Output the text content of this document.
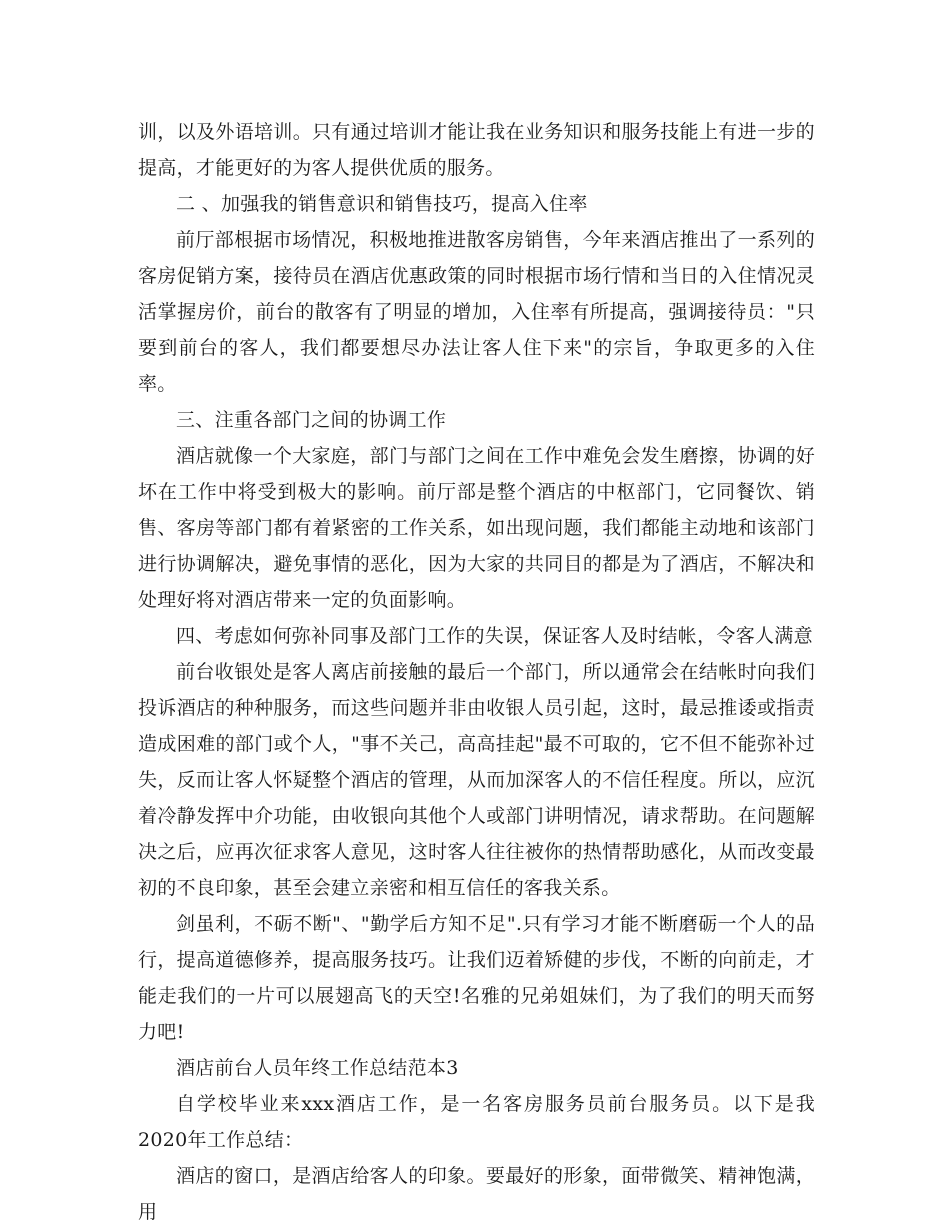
训，以及外语培训。只有通过培训才能让我在业务知识和服务技能上有进一步的提高，才能更好的为客人提供优质的服务。

二 、加强我的销售意识和销售技巧，提高入住率

前厅部根据市场情况，积极地推进散客房销售，今年来酒店推出了一系列的客房促销方案，接待员在酒店优惠政策的同时根据市场行情和当日的入住情况灵活掌握房价，前台的散客有了明显的增加，入住率有所提高，强调接待员："只要到前台的客人，我们都要想尽办法让客人住下来"的宗旨，争取更多的入住率。

三、注重各部门之间的协调工作

酒店就像一个大家庭，部门与部门之间在工作中难免会发生磨擦，协调的好坏在工作中将受到极大的影响。前厅部是整个酒店的中枢部门，它同餐饮、销售、客房等部门都有着紧密的工作关系，如出现问题，我们都能主动地和该部门进行协调解决，避免事情的恶化，因为大家的共同目的都是为了酒店，不解决和处理好将对酒店带来一定的负面影响。

四、考虑如何弥补同事及部门工作的失误，保证客人及时结帐，令客人满意

前台收银处是客人离店前接触的最后一个部门，所以通常会在结帐时向我们投诉酒店的种种服务，而这些问题并非由收银人员引起，这时，最忌推诿或指责造成困难的部门或个人，"事不关己，高高挂起"最不可取的，它不但不能弥补过失，反而让客人怀疑整个酒店的管理，从而加深客人的不信任程度。所以，应沉着冷静发挥中介功能，由收银向其他个人或部门讲明情况，请求帮助。在问题解决之后，应再次征求客人意见，这时客人往往被你的热情帮助感化，从而改变最初的不良印象，甚至会建立亲密和相互信任的客我关系。

剑虽利，不砺不断"、"勤学后方知不足".只有学习才能不断磨砺一个人的品行，提高道德修养，提高服务技巧。让我们迈着矫健的步伐，不断的向前走，才能走我们的一片可以展翅高飞的天空!名雅的兄弟姐妹们，为了我们的明天而努力吧!

酒店前台人员年终工作总结范本3

自学校毕业来xxx酒店工作，是一名客房服务员前台服务员。以下是我2020年工作总结：

酒店的窗口，是酒店给客人的印象。要最好的形象，面带微笑、精神饱满，用
